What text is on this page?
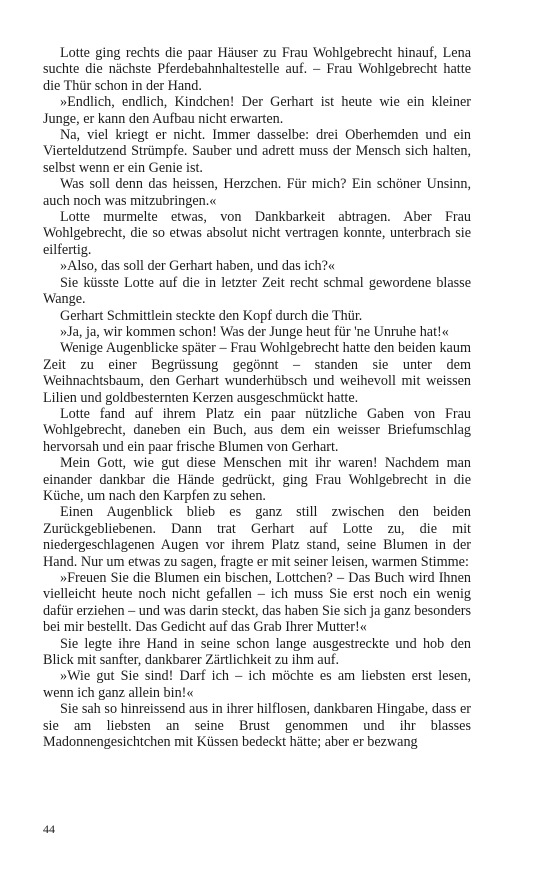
Lotte ging rechts die paar Häuser zu Frau Wohlgebrecht hinauf, Lena suchte die nächste Pferdebahnhaltestelle auf. – Frau Wohlgebrecht hatte die Thür schon in der Hand.

»Endlich, endlich, Kindchen! Der Gerhart ist heute wie ein kleiner Junge, er kann den Aufbau nicht erwarten.

Na, viel kriegt er nicht. Immer dasselbe: drei Oberhemden und ein Vierteldutzend Strümpfe. Sauber und adrett muss der Mensch sich halten, selbst wenn er ein Genie ist.

Was soll denn das heissen, Herzchen. Für mich? Ein schöner Unsinn, auch noch was mitzubringen.«

Lotte murmelte etwas, von Dankbarkeit abtragen. Aber Frau Wohlgebrecht, die so etwas absolut nicht vertragen konnte, unterbrach sie eilfertig.

»Also, das soll der Gerhart haben, und das ich?«

Sie küsste Lotte auf die in letzter Zeit recht schmal gewordene blasse Wange.

Gerhart Schmittlein steckte den Kopf durch die Thür.

»Ja, ja, wir kommen schon! Was der Junge heut für 'ne Unruhe hat!«

Wenige Augenblicke später – Frau Wohlgebrecht hatte den beiden kaum Zeit zu einer Begrüssung gegönnt – standen sie unter dem Weihnachtsbaum, den Gerhart wunderhübsch und weihevoll mit weissen Lilien und goldbesternten Kerzen ausgeschmückt hatte.

Lotte fand auf ihrem Platz ein paar nützliche Gaben von Frau Wohlgebrecht, daneben ein Buch, aus dem ein weisser Briefumschlag hervorsah und ein paar frische Blumen von Gerhart.

Mein Gott, wie gut diese Menschen mit ihr waren! Nachdem man einander dankbar die Hände gedrückt, ging Frau Wohlgebrecht in die Küche, um nach den Karpfen zu sehen.

Einen Augenblick blieb es ganz still zwischen den beiden Zurückgebliebenen. Dann trat Gerhart auf Lotte zu, die mit niedergeschlagenen Augen vor ihrem Platz stand, seine Blumen in der Hand. Nur um etwas zu sagen, fragte er mit seiner leisen, warmen Stimme:

»Freuen Sie die Blumen ein bischen, Lottchen? – Das Buch wird Ihnen vielleicht heute noch nicht gefallen – ich muss Sie erst noch ein wenig dafür erziehen – und was darin steckt, das haben Sie sich ja ganz besonders bei mir bestellt. Das Gedicht auf das Grab Ihrer Mutter!«

Sie legte ihre Hand in seine schon lange ausgestreckte und hob den Blick mit sanfter, dankbarer Zärtlichkeit zu ihm auf.

»Wie gut Sie sind! Darf ich – ich möchte es am liebsten erst lesen, wenn ich ganz allein bin!«

Sie sah so hinreissend aus in ihrer hilflosen, dankbaren Hingabe, dass er sie am liebsten an seine Brust genommen und ihr blasses Madonnengesichtchen mit Küssen bedeckt hätte; aber er bezwang

44
